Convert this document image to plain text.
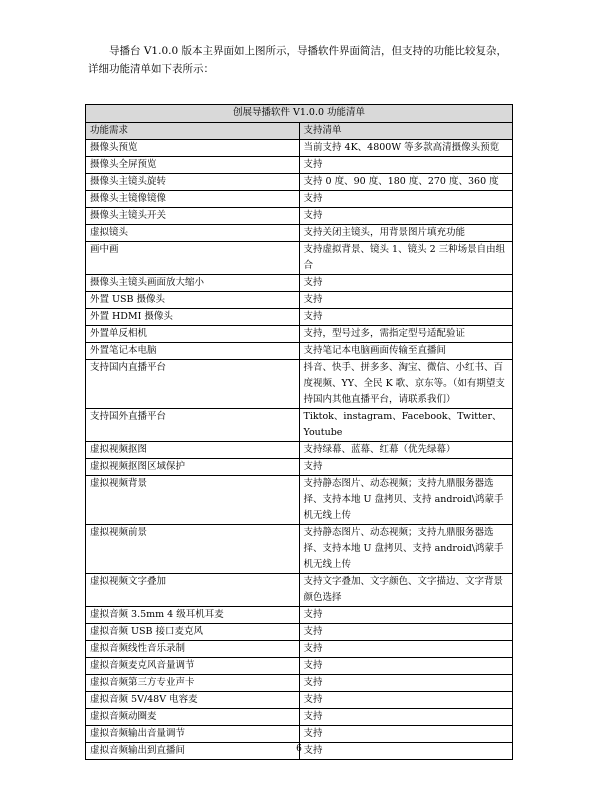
导播台 V1.0.0 版本主界面如上图所示，导播软件界面简洁，但支持的功能比较复杂，

详细功能清单如下表所示：

创展导播软件 V1.0.0 功能清单	
功能需求	支持清单
摄像头预览	当前支持 4K、4800W 等多款高清摄像头预览
摄像头全屏预览	支持
摄像头主镜头旋转	支持 0 度、90 度、180 度、270 度、360 度
摄像头主镜像镜像	支持
摄像头主镜头开关	支持
虚拟镜头	支持关闭主镜头，用背景图片填充功能
画中画	支持虚拟背景、镜头 1、镜头 2 三种场景自由组合
摄像头主镜头画面放大缩小	支持
外置 USB 摄像头	支持
外置 HDMI 摄像头	支持
外置单反相机	支持，型号过多，需指定型号适配验证
外置笔记本电脑	支持笔记本电脑画面传输至直播间
支持国内直播平台	抖音、快手、拼多多、淘宝、微信、小红书、百度视频、YY、全民 K 歌、京东等。（如有期望支持国内其他直播平台，请联系我们）
支持国外直播平台	Tiktok、instagram、Facebook、Twitter、Youtube
虚拟视频抠图	支持绿幕、蓝幕、红幕（优先绿幕）
虚拟视频抠图区域保护	支持
虚拟视频背景	支持静态图片、动态视频；支持九鼎服务器选择、支持本地 U 盘拷贝、支持 android\鸿蒙手机无线上传
虚拟视频前景	支持静态图片、动态视频；支持九鼎服务器选择、支持本地 U 盘拷贝、支持 android\鸿蒙手机无线上传
虚拟视频文字叠加	支持文字叠加、文字颜色、文字描边、文字背景颜色选择
虚拟音频 3.5mm 4 级耳机耳麦	支持
虚拟音频 USB 接口麦克风	支持
虚拟音频线性音乐录制	支持
虚拟音频麦克风音量调节	支持
虚拟音频第三方专业声卡	支持
虚拟音频 5V/48V 电容麦	支持
虚拟音频动圈麦	支持
虚拟音频输出音量调节	支持
虚拟音频输出到直播间	支持
6
